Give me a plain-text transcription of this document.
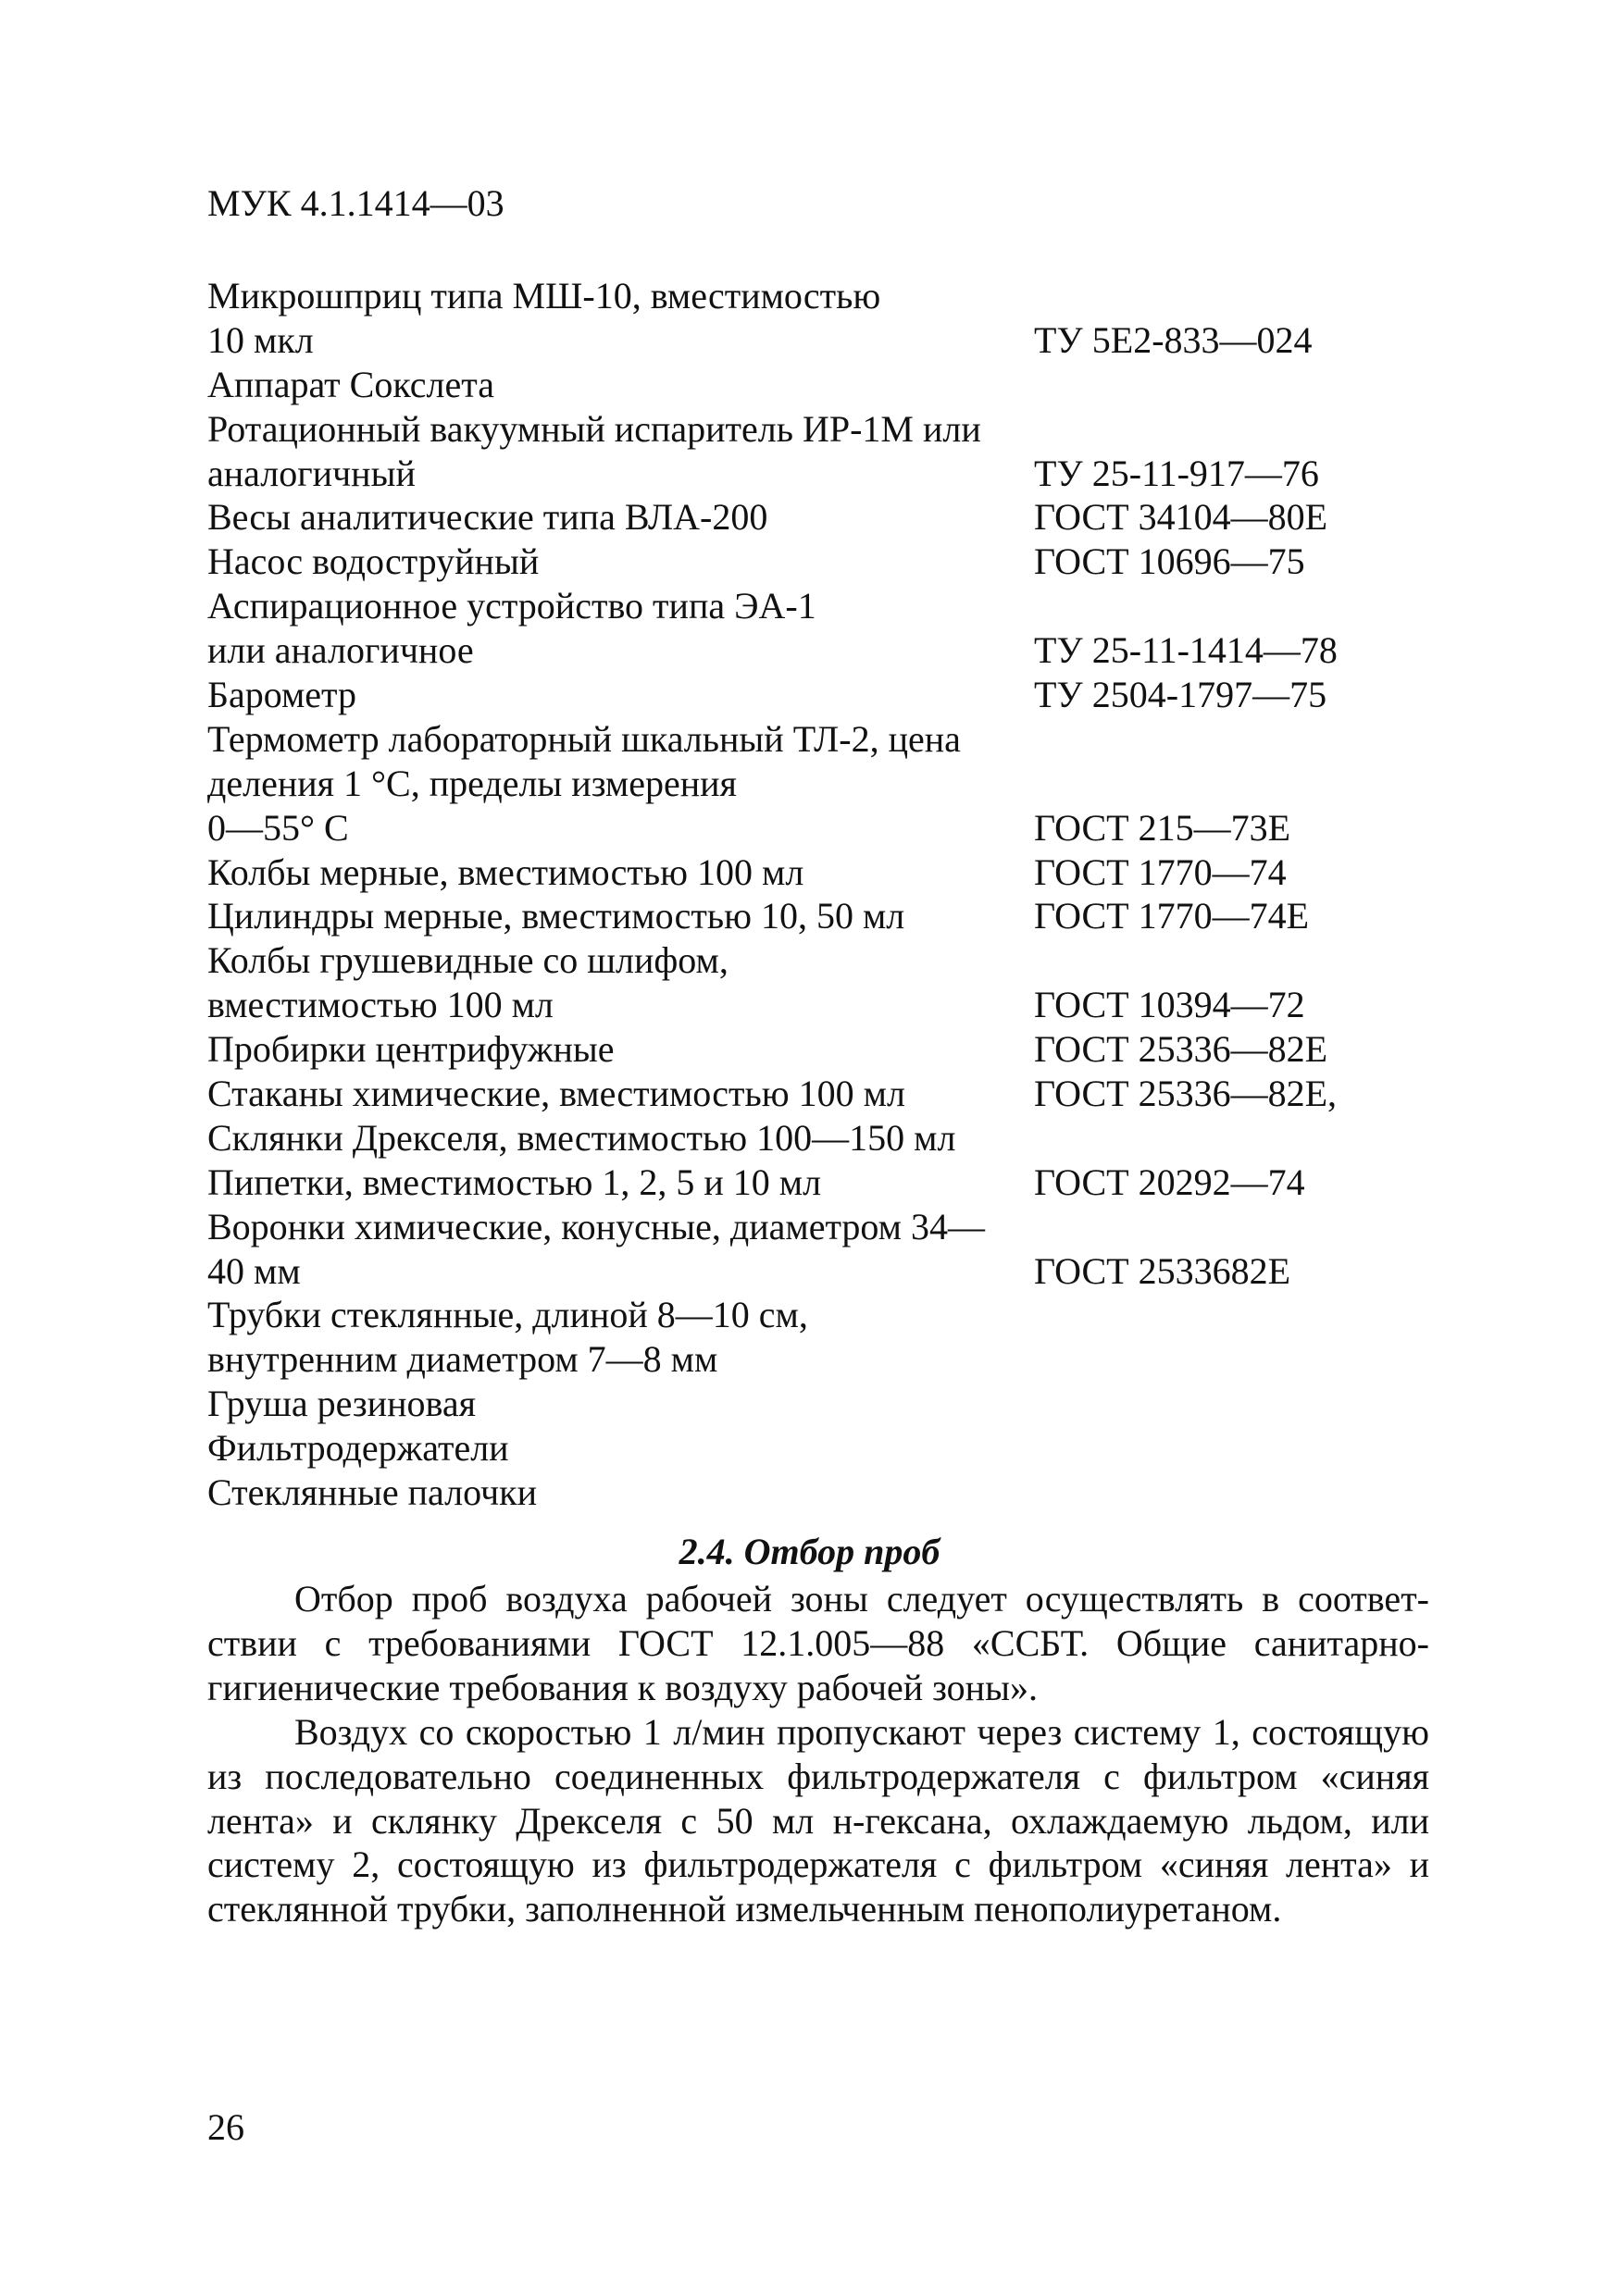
МУК 4.1.1414—03
Микрошприц типа МШ-10, вместимостью
10 мкл	ТУ 5Е2-833—024
Аппарат Сокслета
Ротационный вакуумный испаритель ИР-1М или
аналогичный	ТУ 25-11-917—76
Весы аналитические типа ВЛА-200	ГОСТ 34104—80Е
Насос водоструйный	ГОСТ 10696—75
Аспирационное устройство типа ЭА-1
или аналогичное	ТУ 25-11-1414—78
Барометр	ТУ 2504-1797—75
Термометр лабораторный шкальный ТЛ-2, цена
деления 1 °С, пределы измерения
0—55° С	ГОСТ 215—73Е
Колбы мерные, вместимостью 100 мл	ГОСТ 1770—74
Цилиндры мерные, вместимостью 10, 50 мл	ГОСТ 1770—74Е
Колбы грушевидные со шлифом,
вместимостью 100 мл	ГОСТ 10394—72
Пробирки центрифужные	ГОСТ 25336—82Е
Стаканы химические, вместимостью 100 мл	ГОСТ 25336—82Е,
Склянки Дрекселя, вместимостью 100—150 мл
Пипетки, вместимостью 1, 2, 5 и 10 мл	ГОСТ 20292—74
Воронки химические, конусные, диаметром 34—
40 мм	ГОСТ 2533682Е
Трубки стеклянные, длиной 8—10 см,
внутренним диаметром 7—8 мм
Груша резиновая
Фильтродержатели
Стеклянные палочки
2.4. Отбор проб

Отбор проб воздуха рабочей зоны следует осуществлять в соответствии с требованиями ГОСТ 12.1.005—88 «ССБТ. Общие санитарно-гигиенические требования к воздуху рабочей зоны».

Воздух со скоростью 1 л/мин пропускают через систему 1, состоящую из последовательно соединенных фильтродержателя с фильтром «синяя лента» и склянку Дрекселя с 50 мл н-гексана, охлаждаемую льдом, или систему 2, состоящую из фильтродержателя с фильтром «синяя лента» и стеклянной трубки, заполненной измельченным пенополиуретаном.

26
